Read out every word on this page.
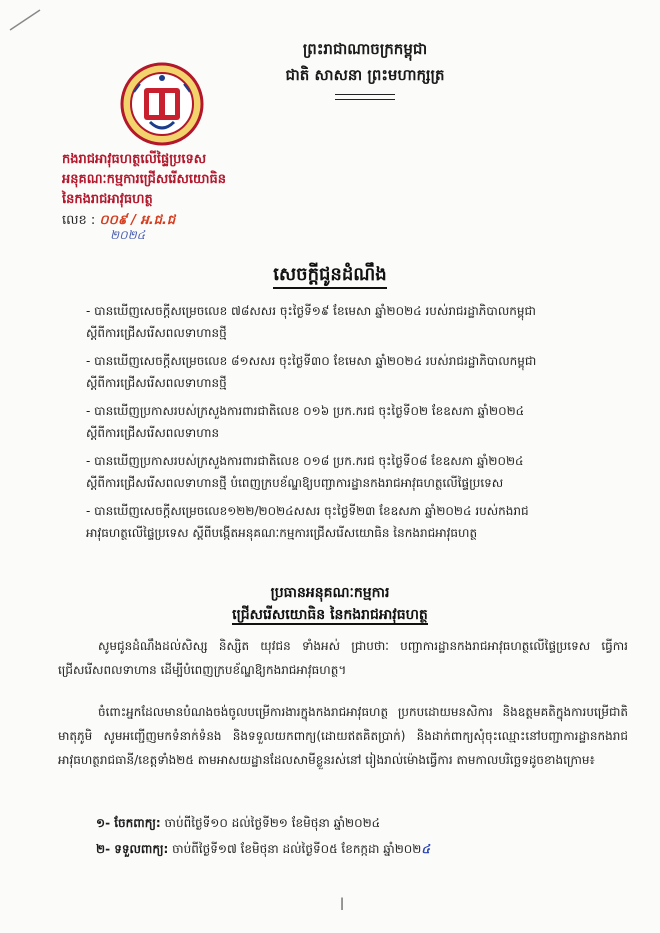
ព្រះរាជាណាចក្រកម្ពុជា
ជាតិ សាសនា ព្រះមហាក្សត្រ
កងរាជអាវុធហត្ថលើផ្ទៃប្រទេស
អនុគណៈកម្មការជ្រើសរើសយោធិន
នៃកងរាជអាវុធហត្ថ
លេខ : ០០៩ / អ.ជ.ជ
២០២៤
សេចក្តីជូនដំណឹង
- បានឃើញសេចក្តីសម្រេចលេខ ៧៨សសរ ចុះថ្ងៃទី១៩ ខែមេសា ឆ្នាំ២០២៤ របស់រាជរដ្ឋាភិបាលកម្ពុជា
ស្តីពីការជ្រើសរើសពលទាហានថ្មី
- បានឃើញសេចក្តីសម្រេចលេខ ៨១សសរ ចុះថ្ងៃទី៣០ ខែមេសា ឆ្នាំ២០២៤ របស់រាជរដ្ឋាភិបាលកម្ពុជា
ស្តីពីការជ្រើសរើសពលទាហានថ្មី
- បានឃើញប្រកាសរបស់ក្រសួងការពារជាតិលេខ ០១៦ ប្រក.ករជ ចុះថ្ងៃទី០២ ខែឧសភា ឆ្នាំ២០២៤
ស្តីពីការជ្រើសរើសពលទាហាន
- បានឃើញប្រកាសរបស់ក្រសួងការពារជាតិលេខ ០១៨ ប្រក.ករជ ចុះថ្ងៃទី០៨ ខែឧសភា ឆ្នាំ២០២៤
ស្តីពីការជ្រើសរើសពលទាហានថ្មី បំពេញក្របខ័ណ្ឌឱ្យបញ្ជាការដ្ឋានកងរាជអាវុធហត្ថលើផ្ទៃប្រទេស
- បានឃើញសេចក្តីសម្រេចលេខ១២២/២០២៤សសរ ចុះថ្ងៃទី២៣ ខែឧសភា ឆ្នាំ២០២៤ របស់កងរាជ
អាវុធហត្ថលើផ្ទៃប្រទេស ស្តីពីបង្កើតអនុគណៈកម្មការជ្រើសរើសយោធិន នៃកងរាជអាវុធហត្ថ
ប្រធានអនុគណៈកម្មការ
ជ្រើសរើសយោធិន នៃកងរាជអាវុធហត្ថ
សូមជូនដំណឹងដល់សិស្ស និស្សិត យុវជន ទាំងអស់ ជ្រាបថាៈ បញ្ជាការដ្ឋានកងរាជអាវុធហត្ថលើផ្ទៃប្រទេស ធ្វើការជ្រើសរើសពលទាហាន ដើម្បីបំពេញក្របខ័ណ្ឌឱ្យកងរាជអាវុធហត្ថ។
ចំពោះអ្នកដែលមានបំណងចង់ចូលបម្រើការងារក្នុងកងរាជអាវុធហត្ថ ប្រកបដោយមនសិការ និងឧត្តមគតិក្នុងការបម្រើជាតិមាតុភូមិ សូមអញ្ជើញមកទំនាក់ទំនង និងទទួលយកពាក្យ(ដោយឥតគិតប្រាក់) និងដាក់ពាក្យសុំចុះឈ្មោះនៅបញ្ជាការដ្ឋានកងរាជអាវុធហត្ថរាជធានី/ខេត្តទាំង២៥ តាមអាសយដ្ឋានដែលសាមីខ្លួនរស់នៅ រៀងរាល់ម៉ោងធ្វើការ តាមកាលបរិច្ឆេទដូចខាងក្រោម៖
១- ចែកពាក្យ: ចាប់ពីថ្ងៃទី១០ ដល់ថ្ងៃទី២១ ខែមិថុនា ឆ្នាំ២០២៤
២- ទទួលពាក្យ: ចាប់ពីថ្ងៃទី១៧ ខែមិថុនា ដល់ថ្ងៃទី០៥ ខែកក្កដា ឆ្នាំ២០២៤
|
